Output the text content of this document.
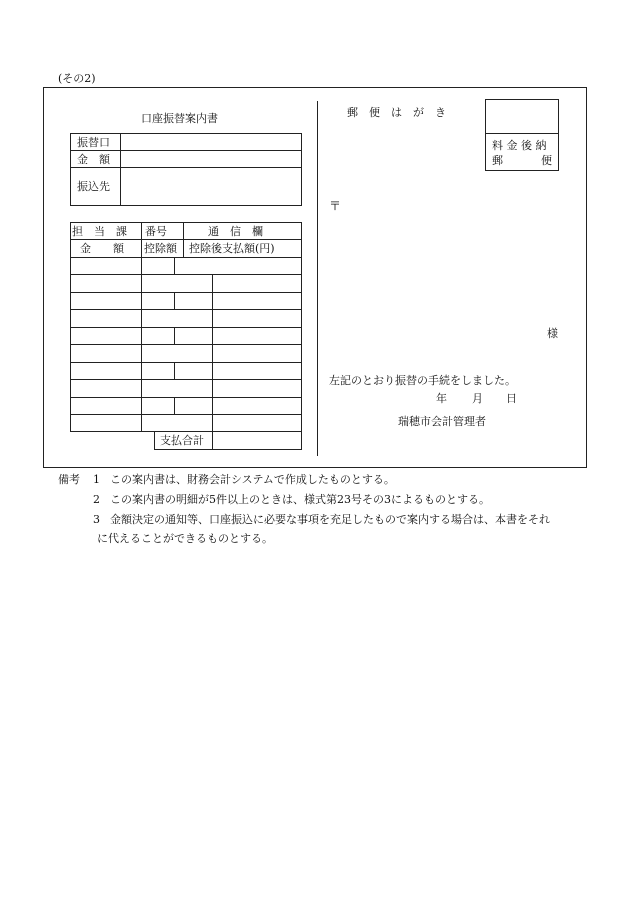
(その2)
口座振替案内書
振替口
金　額
振込先
担　当　課 番号	通　信　欄
金　　額 控除額 控除後支払額(円)
支払合計
郵　便　は　が　き
料 金 後 納
郵	便
〒
様
左記のとおり振替の手続をしました。
年 月 日
瑞穂市会計管理者
備考 1 この案内書は、財務会計システムで作成したものとする。
2 この案内書の明細が5件以上のときは、様式第23号その3によるものとする。
3 金額決定の通知等、口座振込に必要な事項を充足したもので案内する場合は、本書をそれ
に代えることができるものとする。
